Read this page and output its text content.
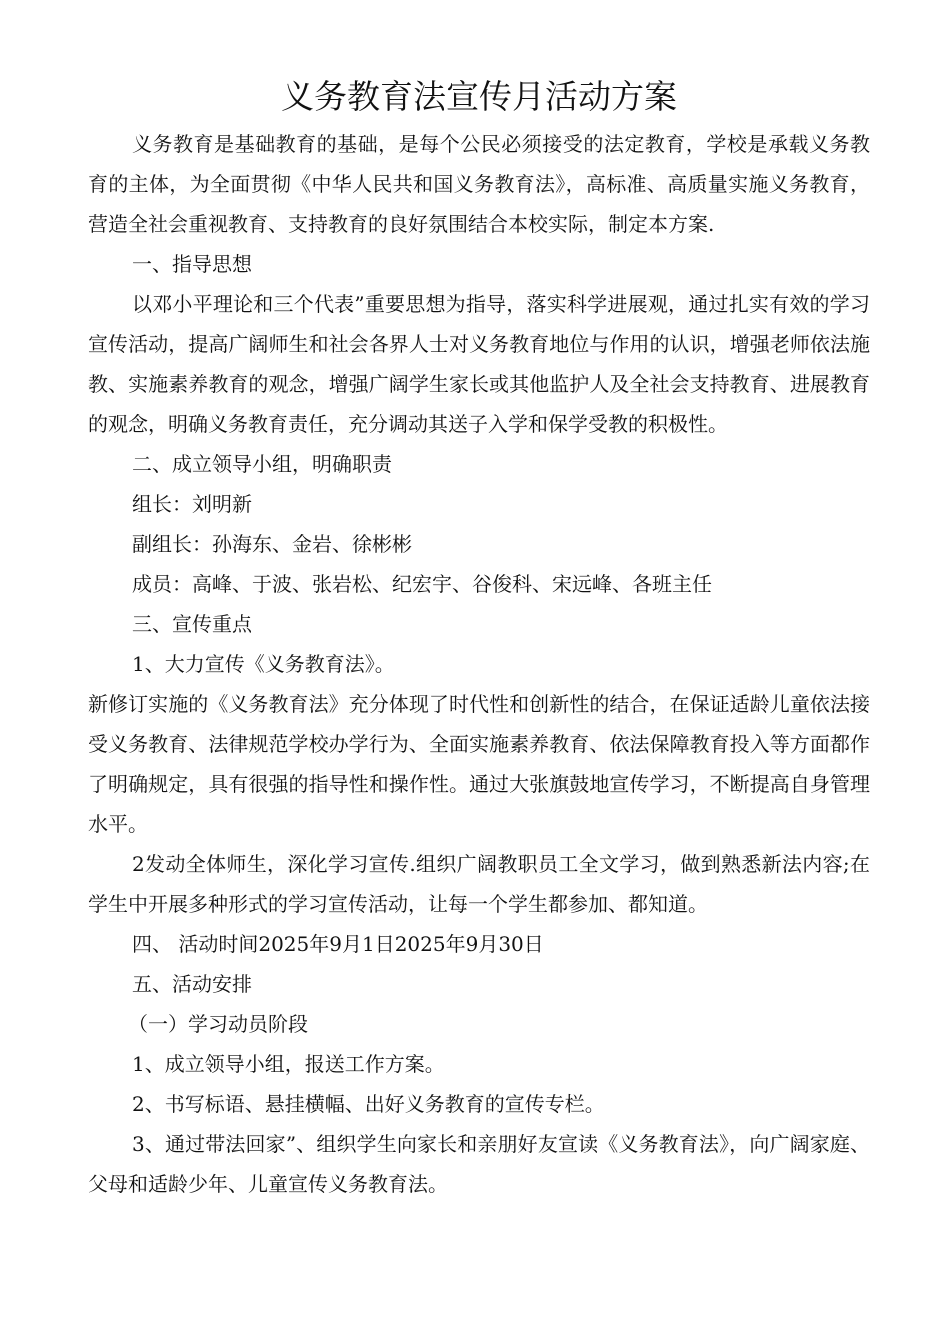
义务教育法宣传月活动方案

义务教育是基础教育的基础，是每个公民必须接受的法定教育，学校是承载义务教育的主体，为全面贯彻《中华人民共和国义务教育法》，高标准、高质量实施义务教育，营造全社会重视教育、支持教育的良好氛围结合本校实际，制定本方案.

一、指导思想

以邓小平理论和三个代表”重要思想为指导，落实科学进展观，通过扎实有效的学习宣传活动，提高广阔师生和社会各界人士对义务教育地位与作用的认识，增强老师依法施教、实施素养教育的观念，增强广阔学生家长或其他监护人及全社会支持教育、进展教育的观念，明确义务教育责任，充分调动其送子入学和保学受教的积极性。

二、成立领导小组，明确职责

组长：刘明新

副组长：孙海东、金岩、徐彬彬

成员：高峰、于波、张岩松、纪宏宇、谷俊科、宋远峰、各班主任

三、宣传重点

1、大力宣传《义务教育法》。

新修订实施的《义务教育法》充分体现了时代性和创新性的结合，在保证适龄儿童依法接受义务教育、法律规范学校办学行为、全面实施素养教育、依法保障教育投入等方面都作了明确规定，具有很强的指导性和操作性。通过大张旗鼓地宣传学习，不断提高自身管理水平。

2发动全体师生，深化学习宣传.组织广阔教职员工全文学习，做到熟悉新法内容;在学生中开展多种形式的学习宣传活动，让每一个学生都参加、都知道。

四、 活动时间2025年9月1日2025年9月30日

五、活动安排

（一）学习动员阶段

1、成立领导小组，报送工作方案。

2、书写标语、悬挂横幅、出好义务教育的宣传专栏。

3、通过带法回家”、组织学生向家长和亲朋好友宣读《义务教育法》，向广阔家庭、父母和适龄少年、儿童宣传义务教育法。
